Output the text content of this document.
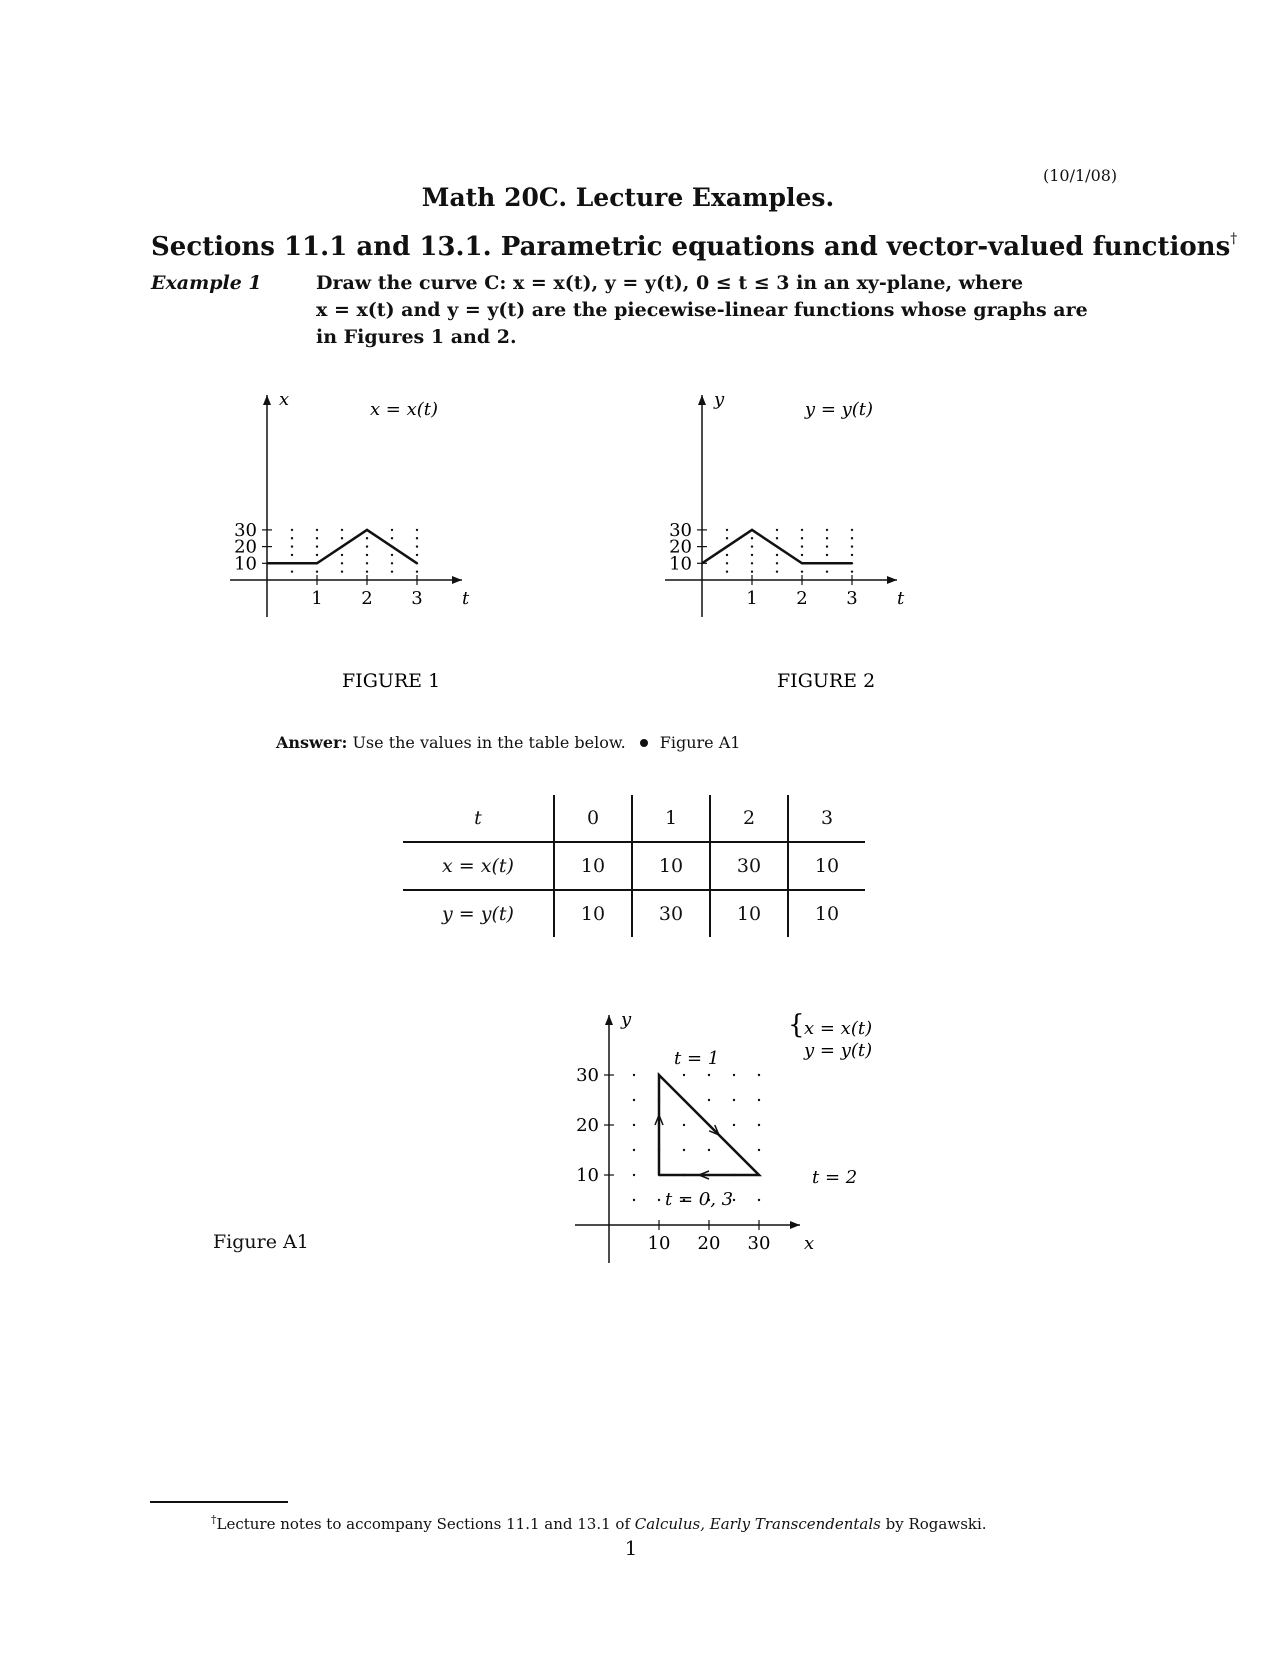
(10/1/08)
Math 20C. Lecture Examples.
Sections 11.1 and 13.1. Parametric equations and vector-valued functions†
Example 1	Draw the curve C: x = x(t), y = y(t), 0 ≤ t ≤ 3 in an xy-plane, where
x = x(t) and y = y(t) are the piecewise-linear functions whose graphs are
in Figures 1 and 2.
1 2 3
10
20
30
x
t
x = x(t)
FIGURE 1
1 2 3
10
20
30
y
t
y = y(t)
FIGURE 2
Answer: Use the values in the table below. Figure A1
t	0	1	2	3
x = x(t)	10	10	30	10
y = y(t)	10	30	10	10
10 20 30
10
20
30
y
x
{ x = x(t)
y = y(t)
t = 1
t = 2
t = 0, 3
Figure A1
†Lecture notes to accompany Sections 11.1 and 13.1 of Calculus, Early Transcendentals by Rogawski.
1
